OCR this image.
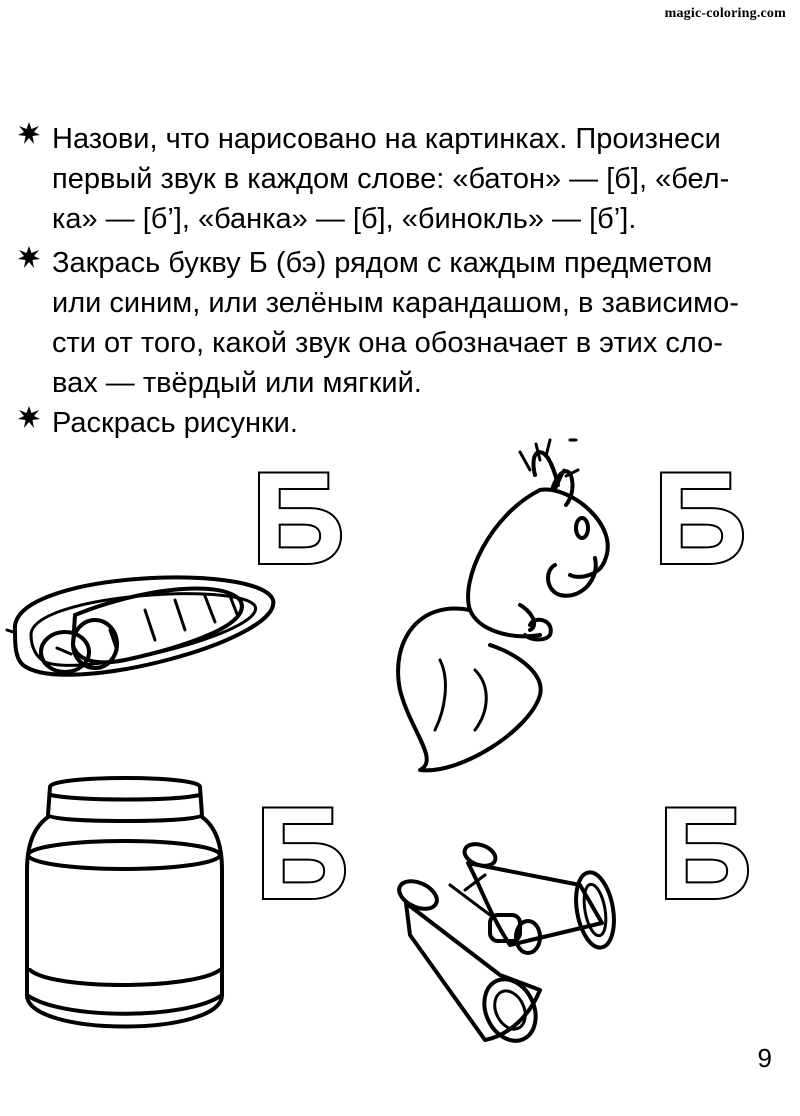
magic-coloring.com
Назови, что нарисовано на картинках. Произнеси
первый звук в каждом слове: «батон» — [б], «бел-
ка» — [б’], «банка» — [б], «бинокль» — [б’].
Закрась букву Б (бэ) рядом с каждым предметом
или синим, или зелёным карандашом, в зависимо-
сти от того, какой звук она обозначает в этих сло-
вах — твёрдый или мягкий.
Раскрась рисунки.
Б Б
Б Б
9
